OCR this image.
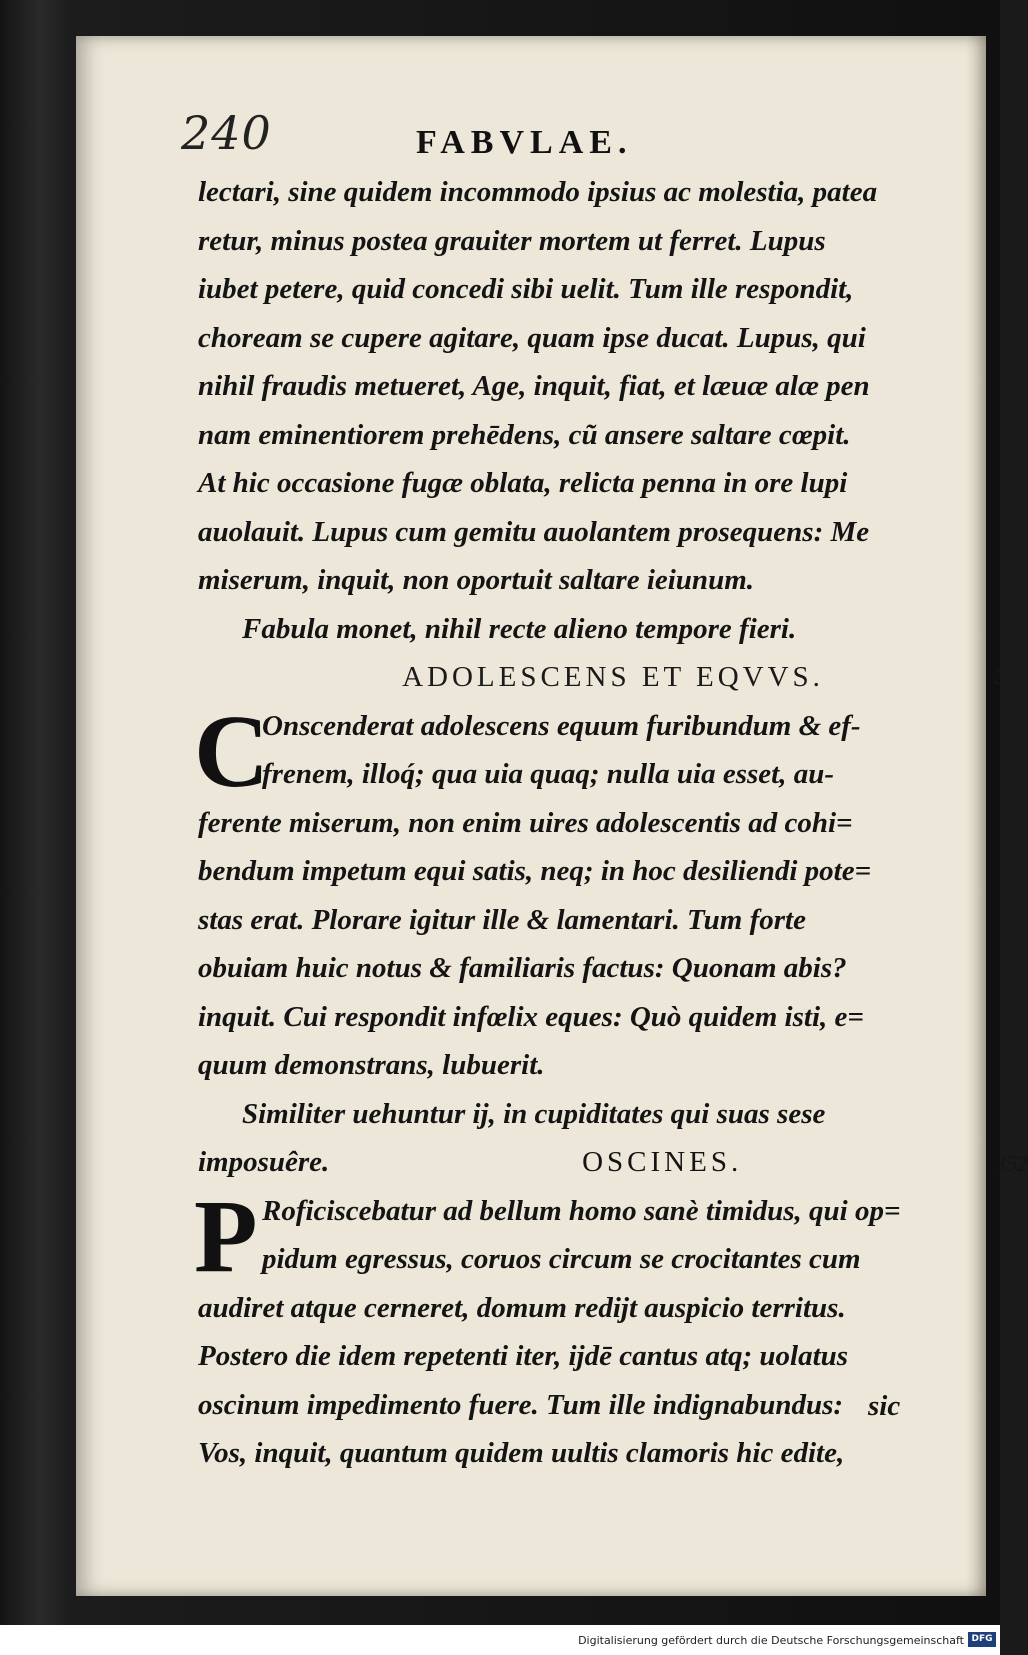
240	FABVLAE.
lectari, sine quidem incommodo ipsius ac molestia, patea
retur, minus postea grauiter mortem ut ferret. Lupus
iubet petere, quid concedi sibi uelit. Tum ille respondit,
choream se cupere agitare, quam ipse ducat. Lupus, qui
nihil fraudis metueret, Age, inquit, fiat, et læuæ alæ pen
nam eminentiorem prehēdens, cũ ansere saltare cœpit.
At hic occasione fugæ oblata, relicta penna in ore lupi
auolauit. Lupus cum gemitu auolantem prosequens: Me
miserum, inquit, non oportuit saltare ieiunum.
Fabula monet, nihil recte alieno tempore fieri.
ADOLESCENS ET EQVVS.	351
C
Onscenderat adolescens equum furibundum & ef-
frenem, illoq́; qua uia quaq; nulla uia esset, au-
ferente miserum, non enim uires adolescentis ad cohi=
bendum impetum equi satis, neq; in hoc desiliendi pote=
stas erat. Plorare igitur ille & lamentari. Tum forte
obuiam huic notus & familiaris factus: Quonam abis?
inquit. Cui respondit infœlix eques: Quò quidem isti, e=
quum demonstrans, lubuerit.
Similiter uehuntur ij, in cupiditates qui suas sese
imposuêre.	OSCINES.	352
P Roficiscebatur ad bellum homo sanè timidus, qui op=
pidum egressus, coruos circum se crocitantes cum
audiret atque cerneret, domum redijt auspicio territus.
Postero die idem repetenti iter, ijdē cantus atq; uolatus
oscinum impedimento fuere. Tum ille indignabundus:
Vos, inquit, quantum quidem uultis clamoris hic edite,
sic
Digitalisierung gefördert durch die Deutsche Forschungsgemeinschaft DFG
